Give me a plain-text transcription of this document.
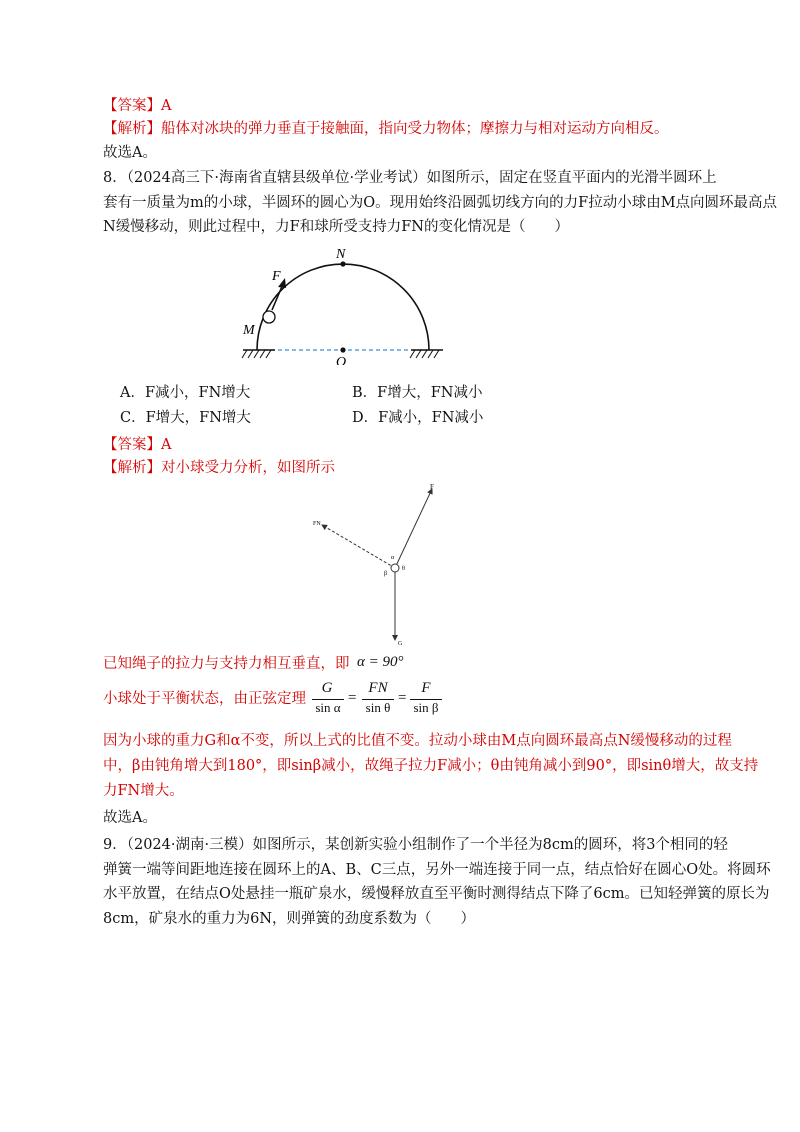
【答案】A
【解析】船体对冰块的弹力垂直于接触面，指向受力物体；摩擦力与相对运动方向相反。
故选A。
8．（2024高三下·海南省直辖县级单位·学业考试）如图所示，固定在竖直平面内的光滑半圆环上
套有一质量为m的小球，半圆环的圆心为O。现用始终沿圆弧切线方向的力F拉动小球由M点向圆环最高点
N缓慢移动，则此过程中，力F和球所受支持力FN的变化情况是（　　）
N
F
M
O
A．F减小，FN增大	B．F增大，FN减小
C．F增大，FN增大	D．F减小，FN减小
【答案】A
【解析】对小球受力分析，如图所示
F
FN
G
α
β
θ
已知绳子的拉力与支持力相互垂直，即 α = 90°
小球处于平衡状态，由正弦定理
G
sin α
=
FN
sin θ
=
F
sin β
因为小球的重力G和α不变，所以上式的比值不变。拉动小球由M点向圆环最高点N缓慢移动的过程
中，β由钝角增大到180°，即sinβ减小，故绳子拉力F减小；θ由钝角减小到90°，即sinθ增大，故支持
力FN增大。
故选A。
9．（2024·湖南·三模）如图所示，某创新实验小组制作了一个半径为8cm的圆环，将3个相同的轻
弹簧一端等间距地连接在圆环上的A、B、C三点，另外一端连接于同一点，结点恰好在圆心O处。将圆环
水平放置，在结点O处悬挂一瓶矿泉水，缓慢释放直至平衡时测得结点下降了6cm。已知轻弹簧的原长为
8cm，矿泉水的重力为6N，则弹簧的劲度系数为（　　）
